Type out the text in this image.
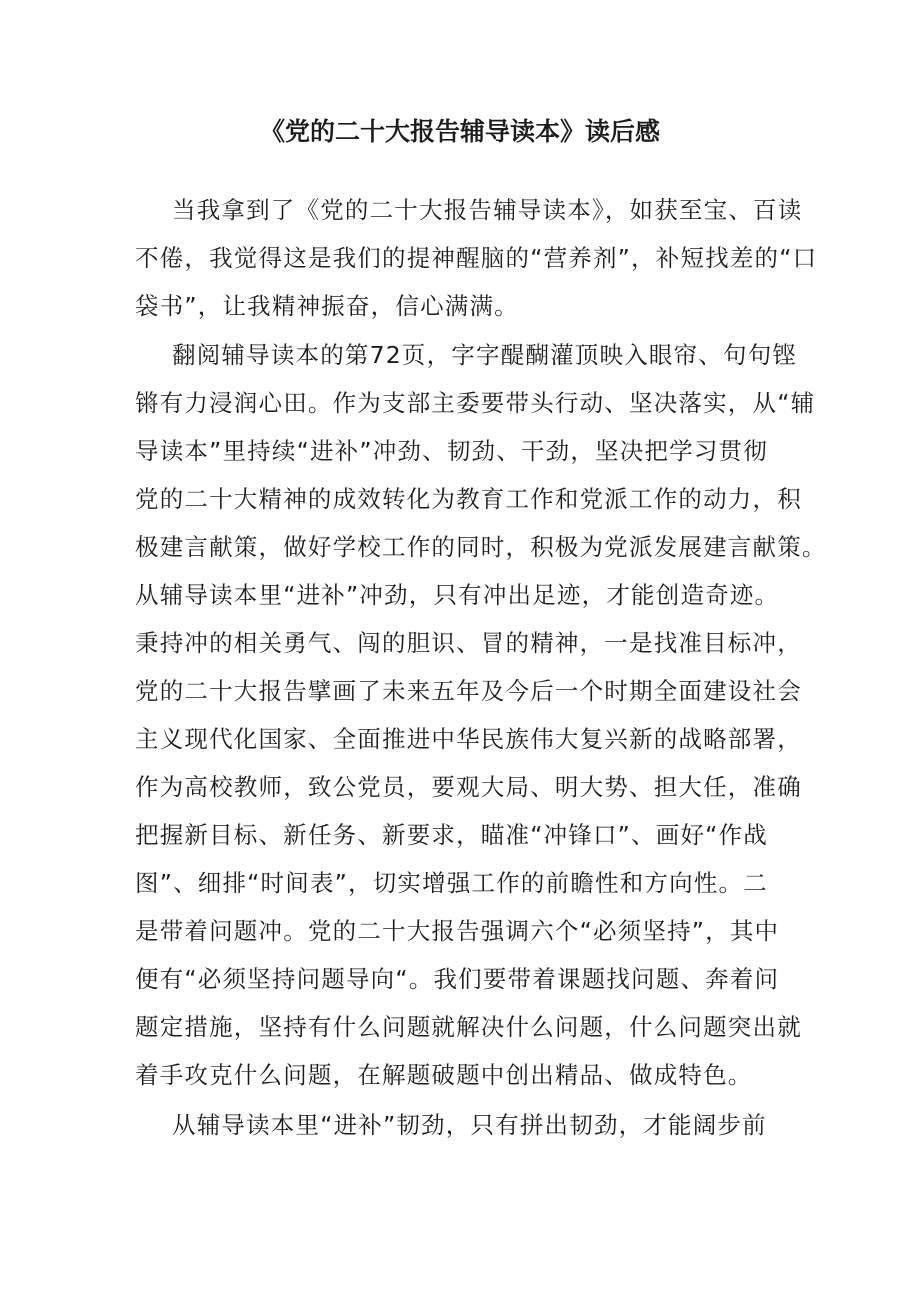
《党的二十大报告辅导读本》读后感
当我拿到了《党的二十大报告辅导读本》，如获至宝、百读
不倦，我觉得这是我们的提神醒脑的“营养剂”，补短找差的“口
袋书”，让我精神振奋，信心满满。
翻阅辅导读本的第72页，字字醍醐灌顶映入眼帘、句句铿
锵有力浸润心田。作为支部主委要带头行动、坚决落实，从“辅
导读本”里持续“进补”冲劲、韧劲、干劲，坚决把学习贯彻
党的二十大精神的成效转化为教育工作和党派工作的动力，积
极建言献策，做好学校工作的同时，积极为党派发展建言献策。
从辅导读本里“进补”冲劲，只有冲出足迹，才能创造奇迹。
秉持冲的相关勇气、闯的胆识、冒的精神，一是找准目标冲，
党的二十大报告擘画了未来五年及今后一个时期全面建设社会
主义现代化国家、全面推进中华民族伟大复兴新的战略部署，
作为高校教师，致公党员，要观大局、明大势、担大任，准确
把握新目标、新任务、新要求，瞄准“冲锋口”、画好“作战
图”、细排“时间表”，切实增强工作的前瞻性和方向性。二
是带着问题冲。党的二十大报告强调六个“必须坚持”，其中
便有“必须坚持问题导向“。我们要带着课题找问题、奔着问
题定措施，坚持有什么问题就解决什么问题，什么问题突出就
着手攻克什么问题，在解题破题中创出精品、做成特色。
从辅导读本里“进补”韧劲，只有拼出韧劲，才能阔步前
